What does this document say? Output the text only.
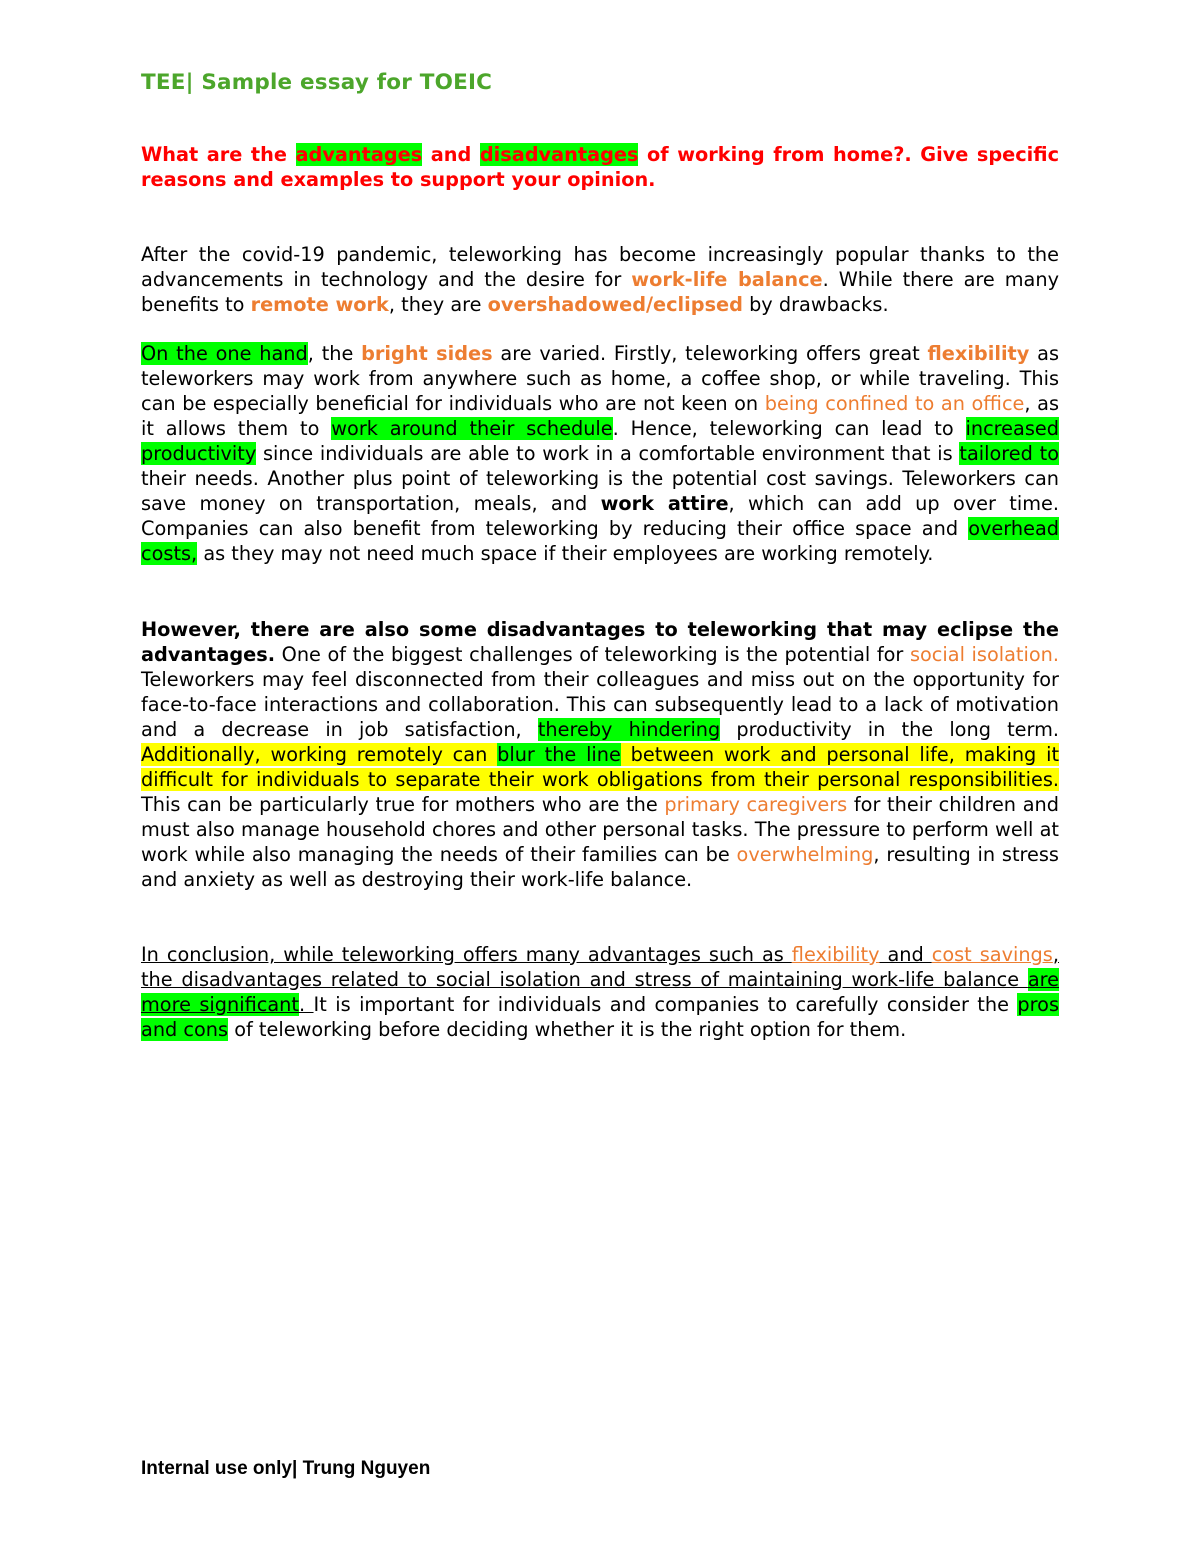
TEE| Sample essay for TOEIC
What are the advantages and disadvantages of working from home?. Give specific reasons and examples to support your opinion.
After the covid-19 pandemic, teleworking has become increasingly popular thanks to the advancements in technology and the desire for work-life balance. While there are many benefits to remote work, they are overshadowed/eclipsed by drawbacks.
On the one hand, the bright sides are varied. Firstly, teleworking offers great flexibility as teleworkers may work from anywhere such as home, a coffee shop, or while traveling. This can be especially beneficial for individuals who are not keen on being confined to an office, as it allows them to work around their schedule. Hence, teleworking can lead to increased productivity since individuals are able to work in a comfortable environment that is tailored to their needs. Another plus point of teleworking is the potential cost savings. Teleworkers can save money on transportation, meals, and work attire, which can add up over time. Companies can also benefit from teleworking by reducing their office space and overhead costs, as they may not need much space if their employees are working remotely.
However, there are also some disadvantages to teleworking that may eclipse the advantages. One of the biggest challenges of teleworking is the potential for social isolation. Teleworkers may feel disconnected from their colleagues and miss out on the opportunity for face-to-face interactions and collaboration. This can subsequently lead to a lack of motivation and a decrease in job satisfaction, thereby hindering productivity in the long term. Additionally, working remotely can blur the line between work and personal life, making it difficult for individuals to separate their work obligations from their personal responsibilities. This can be particularly true for mothers who are the primary caregivers for their children and must also manage household chores and other personal tasks. The pressure to perform well at work while also managing the needs of their families can be overwhelming, resulting in stress and anxiety as well as destroying their work-life balance.
In conclusion, while teleworking offers many advantages such as flexibility and cost savings, the disadvantages related to social isolation and stress of maintaining work-life balance are more significant. It is important for individuals and companies to carefully consider the pros and cons of teleworking before deciding whether it is the right option for them.
Internal use only| Trung Nguyen
